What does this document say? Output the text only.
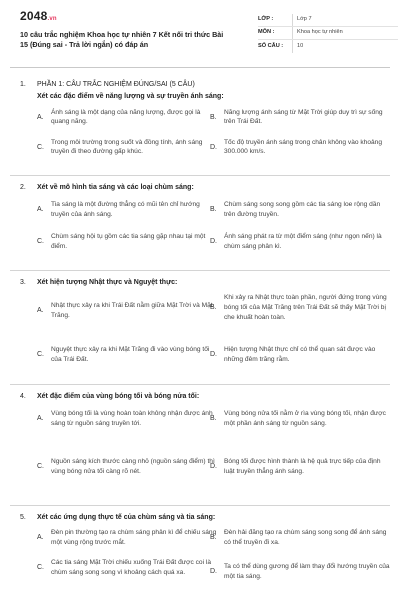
2048.vn
10 câu trắc nghiệm Khoa học tự nhiên 7 Kết nối tri thức Bài 15 (Đúng sai - Trả lời ngắn) có đáp án
LỚP :	Lớp 7
MÔN :	Khoa học tự nhiên
SỐ CÂU :	10
1.	PHẦN 1: CÂU TRẮC NGHIỆM ĐÚNG/SAI (5 CÂU)
Xét các đặc điểm về năng lượng và sự truyền ánh sáng:
A.
Ánh sáng là một dạng của năng lượng, được gọi là quang năng.
B.
Năng lượng ánh sáng từ Mặt Trời giúp duy trì sự sống trên Trái Đất.
C.
Trong môi trường trong suốt và đồng tính, ánh sáng truyền đi theo đường gấp khúc.
D.
Tốc độ truyền ánh sáng trong chân không vào khoảng 300.000 km/s.
2.	Xét về mô hình tia sáng và các loại chùm sáng:
A.
Tia sáng là một đường thẳng có mũi tên chỉ hướng truyền của ánh sáng.
B.
Chùm sáng song song gồm các tia sáng loe rộng dần trên đường truyền.
C.
Chùm sáng hội tụ gồm các tia sáng gặp nhau tại một điểm.
D.
Ánh sáng phát ra từ một điểm sáng (như ngọn nến) là chùm sáng phân kì.
3.	Xét hiện tượng Nhật thực và Nguyệt thực:
A.
Nhật thực xảy ra khi Trái Đất nằm giữa Mặt Trời và Mặt Trăng.
B.
Khi xảy ra Nhật thực toàn phần, người đứng trong vùng bóng tối của Mặt Trăng trên Trái Đất sẽ thấy Mặt Trời bị che khuất hoàn toàn.
C.
Nguyệt thực xảy ra khi Mặt Trăng đi vào vùng bóng tối của Trái Đất.
D.
Hiện tượng Nhật thực chỉ có thể quan sát được vào những đêm trăng rằm.
4.	Xét đặc điểm của vùng bóng tối và bóng nửa tối:
A.
Vùng bóng tối là vùng hoàn toàn không nhận được ánh sáng từ nguồn sáng truyền tới.
B.
Vùng bóng nửa tối nằm ở rìa vùng bóng tối, nhận được một phần ánh sáng từ nguồn sáng.
C.
Nguồn sáng kích thước càng nhỏ (nguồn sáng điểm) thì vùng bóng nửa tối càng rõ nét.
D.
Bóng tối được hình thành là hệ quả trực tiếp của định luật truyền thẳng ánh sáng.
5.	Xét các ứng dụng thực tế của chùm sáng và tia sáng:
A.
Đèn pin thường tạo ra chùm sáng phân kì để chiếu sáng một vùng rộng trước mắt.
B.
Đèn hải đăng tạo ra chùm sáng song song để ánh sáng có thể truyền đi xa.
C.
Các tia sáng Mặt Trời chiếu xuống Trái Đất được coi là chùm sáng song song vì khoảng cách quá xa.	D.
Ta có thể dùng gương để làm thay đổi hướng truyền của một tia sáng.
